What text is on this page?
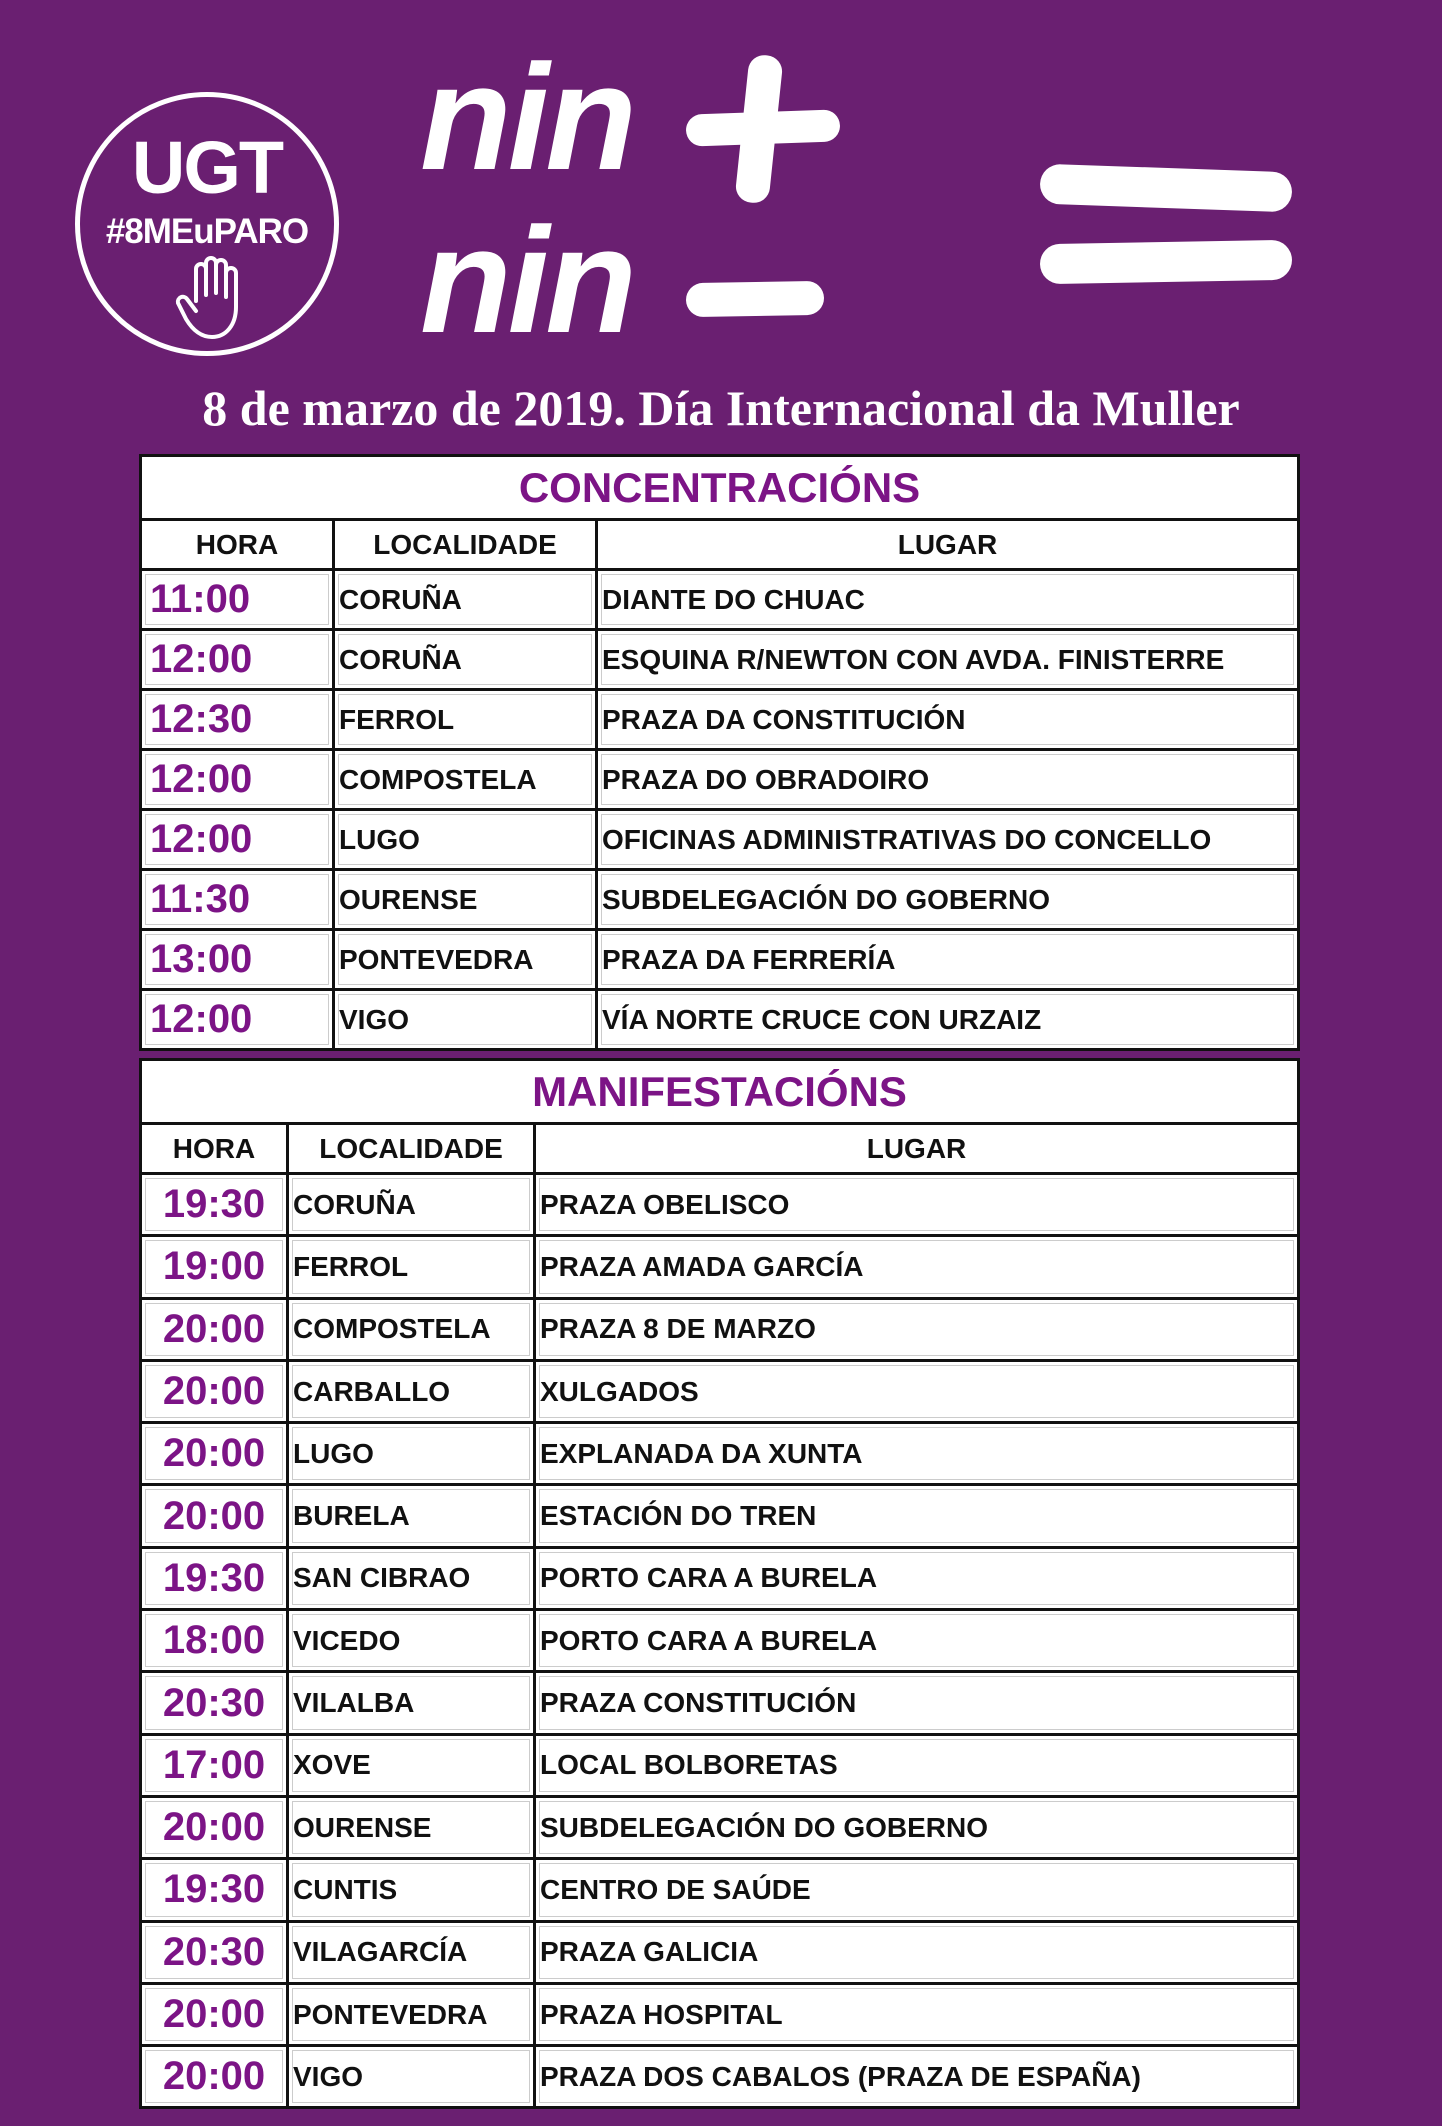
UGT
#8MEuPARO
nin
nin
8 de marzo de 2019. Día Internacional da Muller
CONCENTRACIÓNS		
HORA	LOCALIDADE	LUGAR

11:00	CORUÑA	DIANTE DO CHUAC

12:00	CORUÑA	ESQUINA R/NEWTON CON AVDA. FINISTERRE

12:30	FERROL	PRAZA DA CONSTITUCIÓN

12:00	COMPOSTELA	PRAZA DO OBRADOIRO

12:00	LUGO	OFICINAS ADMINISTRATIVAS DO CONCELLO

11:30	OURENSE	SUBDELEGACIÓN DO GOBERNO

13:00	PONTEVEDRA	PRAZA DA FERRERÍA

12:00	VIGO	VÍA NORTE CRUCE CON URZAIZ
MANIFESTACIÓNS		
HORA	LOCALIDADE	LUGAR

19:30	CORUÑA	PRAZA OBELISCO

19:00	FERROL	PRAZA AMADA GARCÍA

20:00	COMPOSTELA	PRAZA 8 DE MARZO

20:00	CARBALLO	XULGADOS

20:00	LUGO	EXPLANADA DA XUNTA

20:00	BURELA	ESTACIÓN DO TREN

19:30	SAN CIBRAO	PORTO CARA A BURELA

18:00	VICEDO	PORTO CARA A BURELA

20:30	VILALBA	PRAZA CONSTITUCIÓN

17:00	XOVE	LOCAL BOLBORETAS

20:00	OURENSE	SUBDELEGACIÓN DO GOBERNO

19:30	CUNTIS	CENTRO DE SAÚDE

20:30	VILAGARCÍA	PRAZA GALICIA

20:00	PONTEVEDRA	PRAZA HOSPITAL

20:00	VIGO	PRAZA DOS CABALOS (PRAZA DE ESPAÑA)
